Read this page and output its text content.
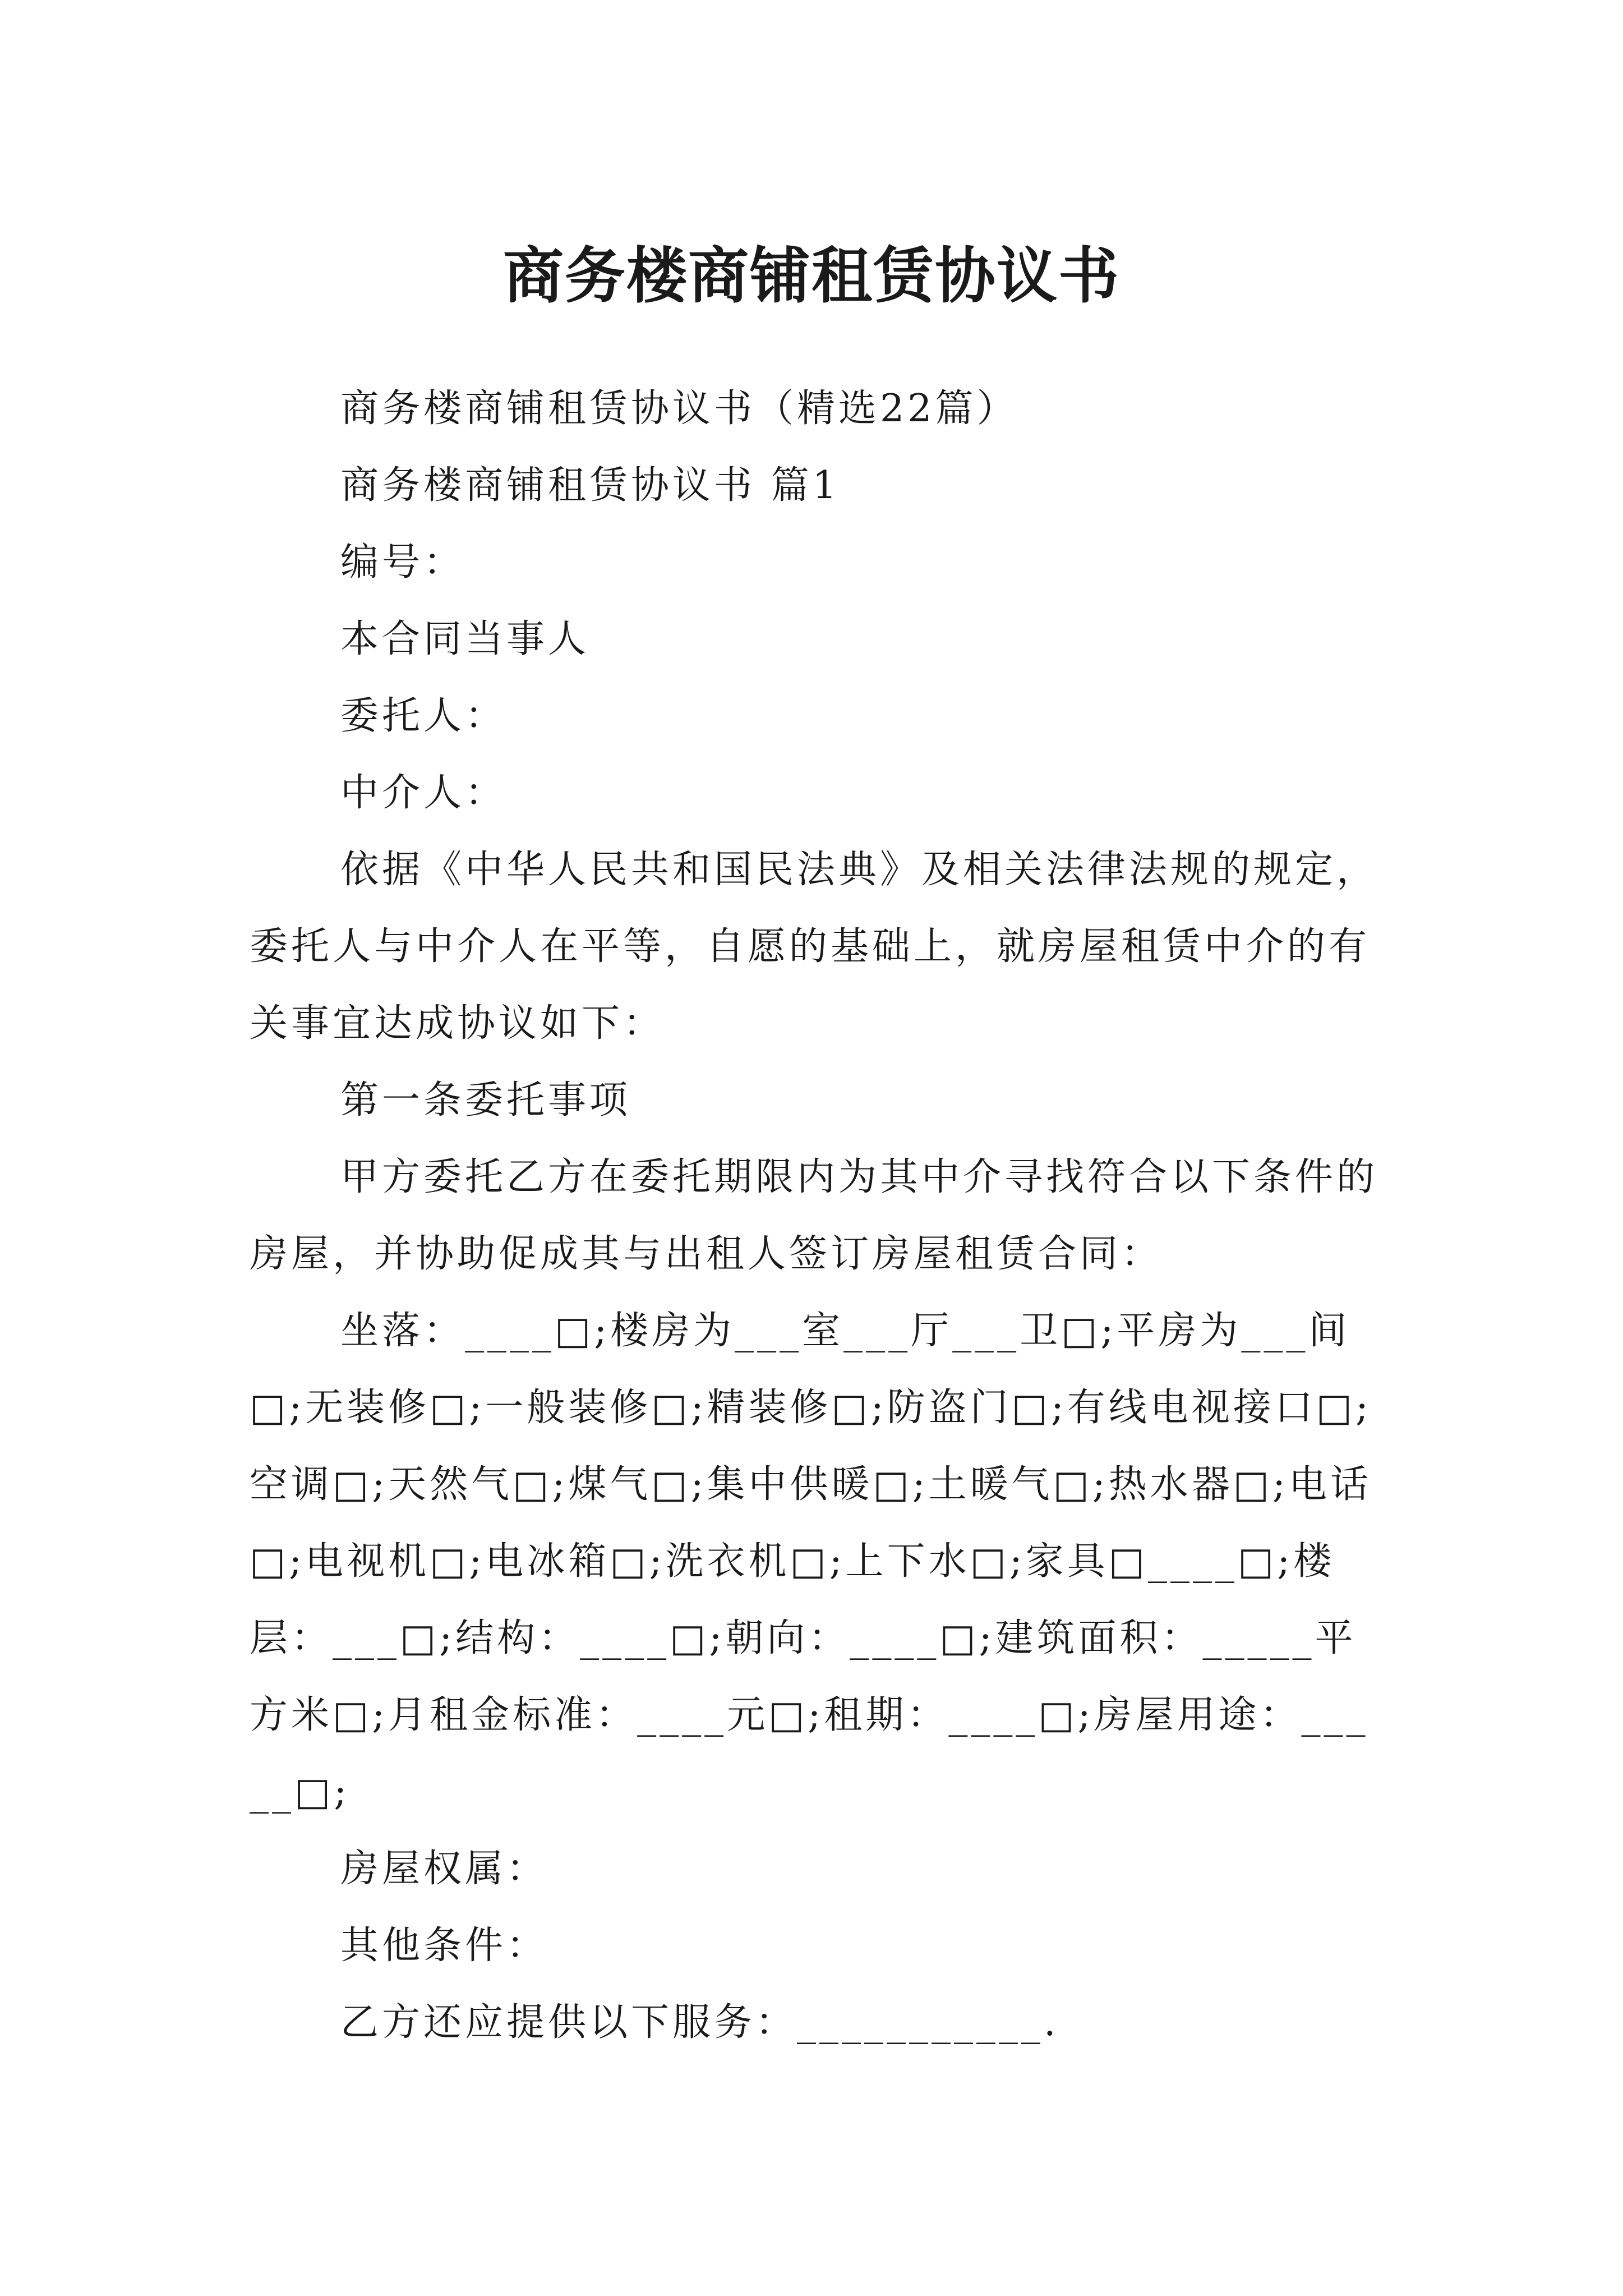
商务楼商铺租赁协议书

商务楼商铺租赁协议书（精选22篇）

商务楼商铺租赁协议书 篇1

编号：

本合同当事人

委托人：

中介人：

依据《中华人民共和国民法典》及相关法律法规的规定，委托人与中介人在平等，自愿的基础上，就房屋租赁中介的有关事宜达成协议如下：

第一条委托事项

甲方委托乙方在委托期限内为其中介寻找符合以下条件的房屋，并协助促成其与出租人签订房屋租赁合同：

坐落：____□;楼房为___室___厅___卫□;平房为___间□;无装修□;一般装修□;精装修□;防盗门□;有线电视接口□;空调□;天然气□;煤气□;集中供暖□;土暖气□;热水器□;电话□;电视机□;电冰箱□;洗衣机□;上下水□;家具□____□;楼层：___□;结构：____□;朝向：____□;建筑面积：_____平方米□;月租金标准：____元□;租期：____□;房屋用途：_____□;

房屋权属：

其他条件：

乙方还应提供以下服务：___________.
